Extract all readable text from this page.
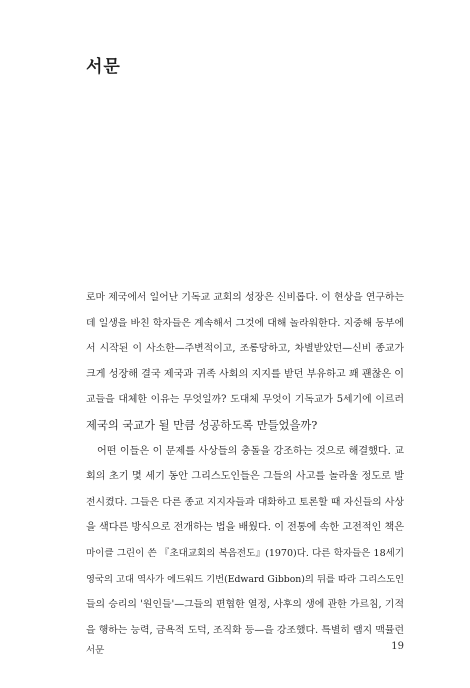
서문
로마 제국에서 일어난 기독교 교회의 성장은 신비롭다. 이 현상을 연구하는
데 일생을 바친 학자들은 계속해서 그것에 대해 놀라워한다. 지중해 동부에
서 시작된 이 사소한—주변적이고, 조롱당하고, 차별받았던—신비 종교가
크게 성장해 결국 제국과 귀족 사회의 지지를 받던 부유하고 꽤 괜찮은 이
교들을 대체한 이유는 무엇일까? 도대체 무엇이 기독교가 5세기에 이르러
제국의 국교가 될 만큼 성공하도록 만들었을까?
어떤 이들은 이 문제를 사상들의 충돌을 강조하는 것으로 해결했다. 교
회의 초기 몇 세기 동안 그리스도인들은 그들의 사고를 놀라울 정도로 발
전시켰다. 그들은 다른 종교 지지자들과 대화하고 토론할 때 자신들의 사상
을 색다른 방식으로 전개하는 법을 배웠다. 이 전통에 속한 고전적인 책은
마이클 그린이 쓴 『초대교회의 복음전도』(1970)다. 다른 학자들은 18세기
영국의 고대 역사가 에드워드 기번(Edward Gibbon)의 뒤를 따라 그리스도인
들의 승리의 '원인들'—그들의 편협한 열정, 사후의 생에 관한 가르침, 기적
을 행하는 능력, 금욕적 도덕, 조직화 등—을 강조했다. 특별히 램지 맥뮬런
서문	19
